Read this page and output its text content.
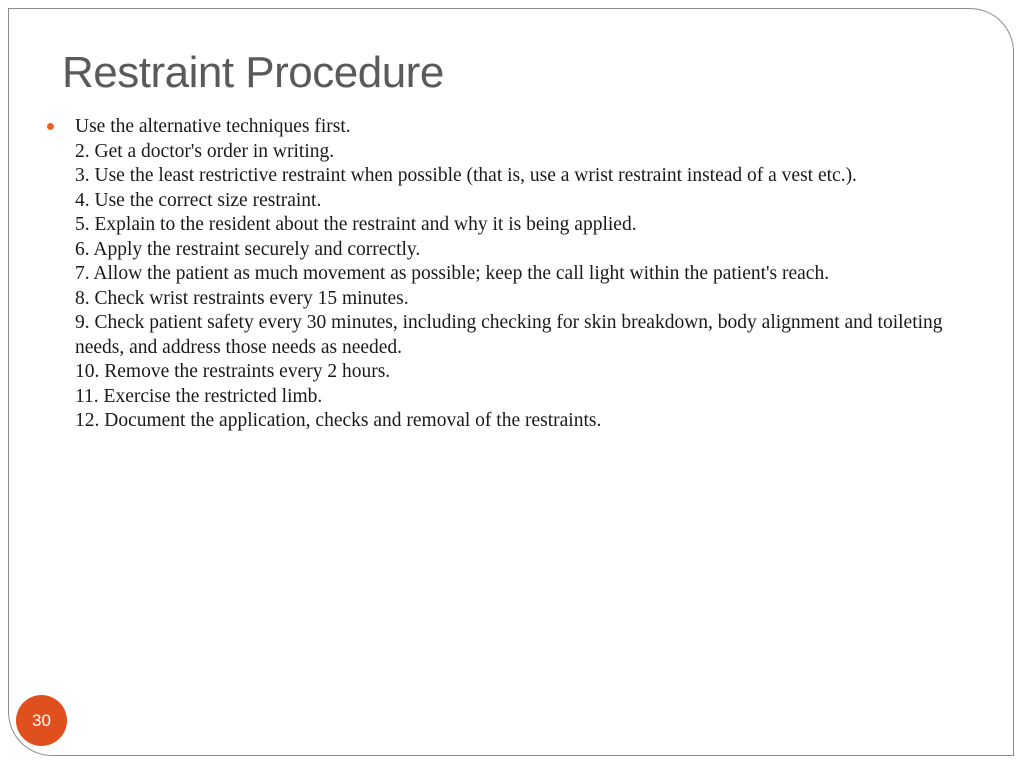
Restraint Procedure
Use the alternative techniques first.
2. Get a doctor's order in writing.
3. Use the least restrictive restraint when possible (that is, use a wrist restraint instead of a vest etc.).
4. Use the correct size restraint.
5. Explain to the resident about the restraint and why it is being applied.
6. Apply the restraint securely and correctly.
7. Allow the patient as much movement as possible; keep the call light within the patient's reach.
8. Check wrist restraints every 15 minutes.
9. Check patient safety every 30 minutes, including checking for skin breakdown, body alignment and toileting needs, and address those needs as needed.
10. Remove the restraints every 2 hours.
11. Exercise the restricted limb.
12. Document the application, checks and removal of the restraints.
30
